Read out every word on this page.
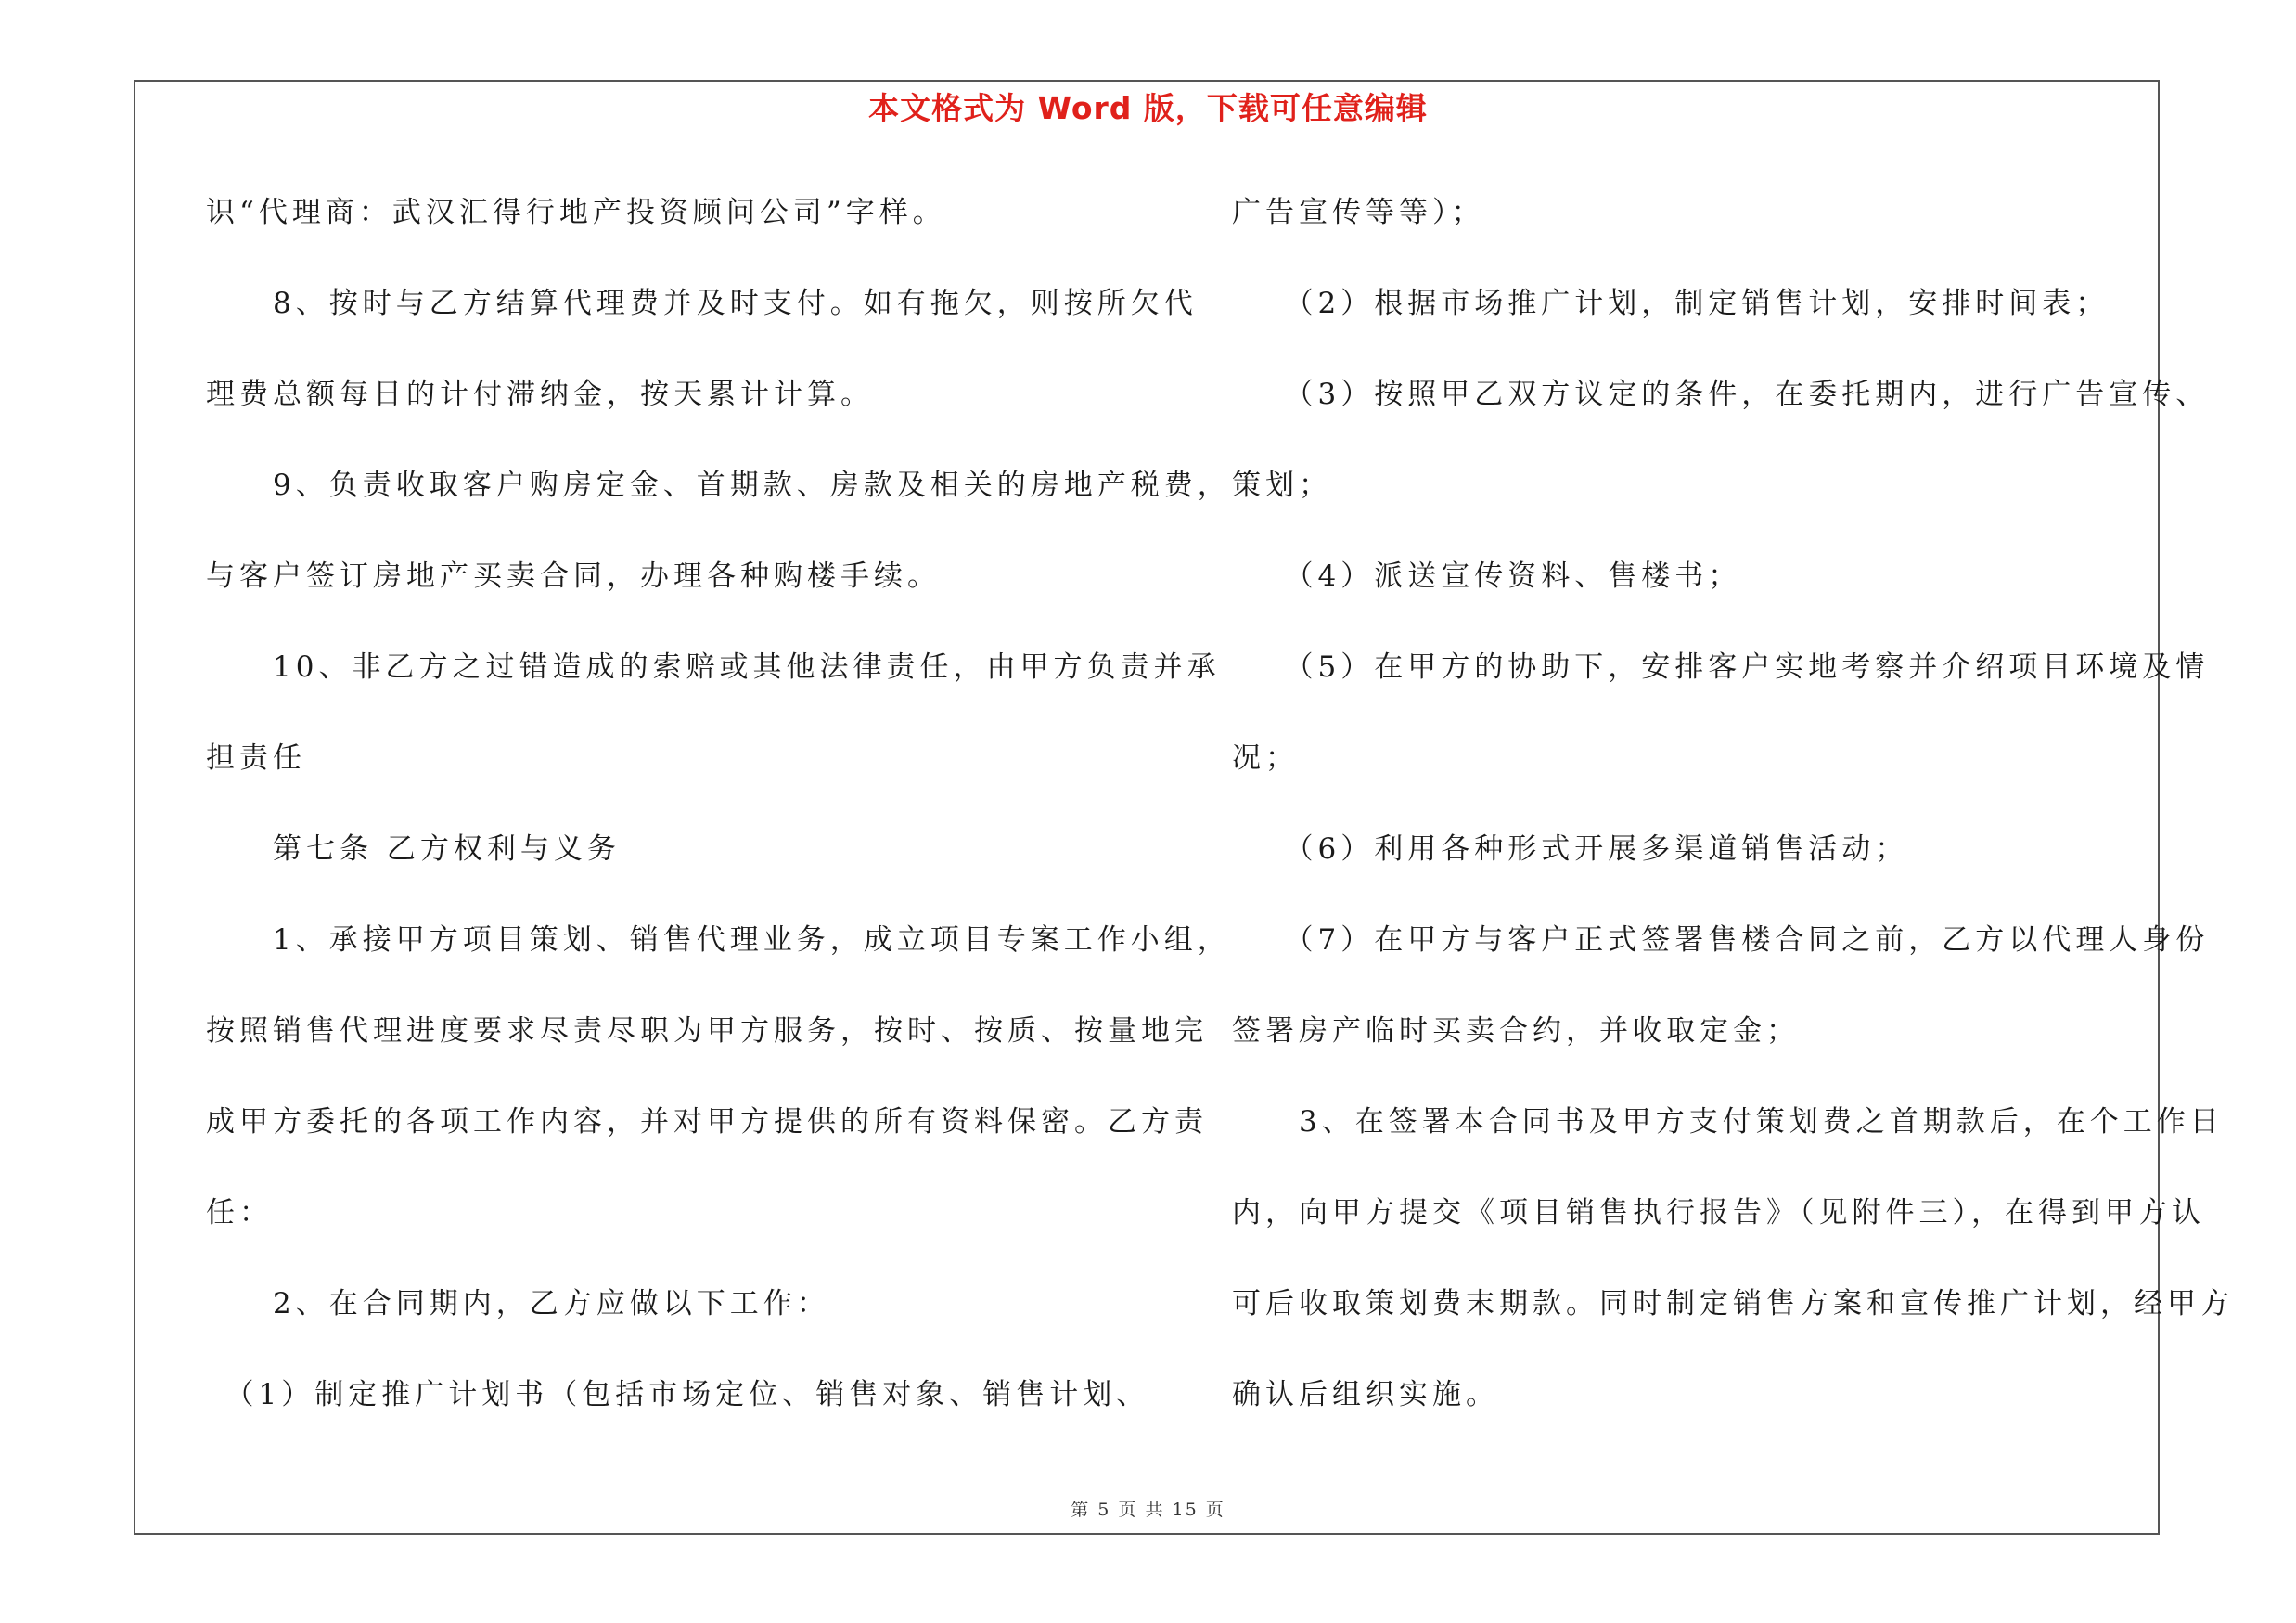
本文格式为 Word 版，下载可任意编辑
识“代理商：武汉汇得行地产投资顾问公司”字样。
　　8、按时与乙方结算代理费并及时支付。如有拖欠，则按所欠代
理费总额每日的计付滞纳金，按天累计计算。
　　9、负责收取客户购房定金、首期款、房款及相关的房地产税费，
与客户签订房地产买卖合同，办理各种购楼手续。
　　10、非乙方之过错造成的索赔或其他法律责任，由甲方负责并承
担责任
　　第七条 乙方权利与义务
　　1、承接甲方项目策划、销售代理业务，成立项目专案工作小组，
按照销售代理进度要求尽责尽职为甲方服务，按时、按质、按量地完
成甲方委托的各项工作内容，并对甲方提供的所有资料保密。乙方责
任：
　　2、在合同期内，乙方应做以下工作：
　（1）制定推广计划书（包括市场定位、销售对象、销售计划、
广告宣传等等）；
　　（2）根据市场推广计划，制定销售计划，安排时间表；
　　（3）按照甲乙双方议定的条件，在委托期内，进行广告宣传、
策划；
　　（4）派送宣传资料、售楼书；
　　（5）在甲方的协助下，安排客户实地考察并介绍项目环境及情
况；
　　（6）利用各种形式开展多渠道销售活动；
　　（7）在甲方与客户正式签署售楼合同之前，乙方以代理人身份
签署房产临时买卖合约，并收取定金；
　　3、在签署本合同书及甲方支付策划费之首期款后，在个工作日
内，向甲方提交《项目销售执行报告》（见附件三），在得到甲方认
可后收取策划费末期款。同时制定销售方案和宣传推广计划，经甲方
确认后组织实施。
第 5 页 共 15 页
